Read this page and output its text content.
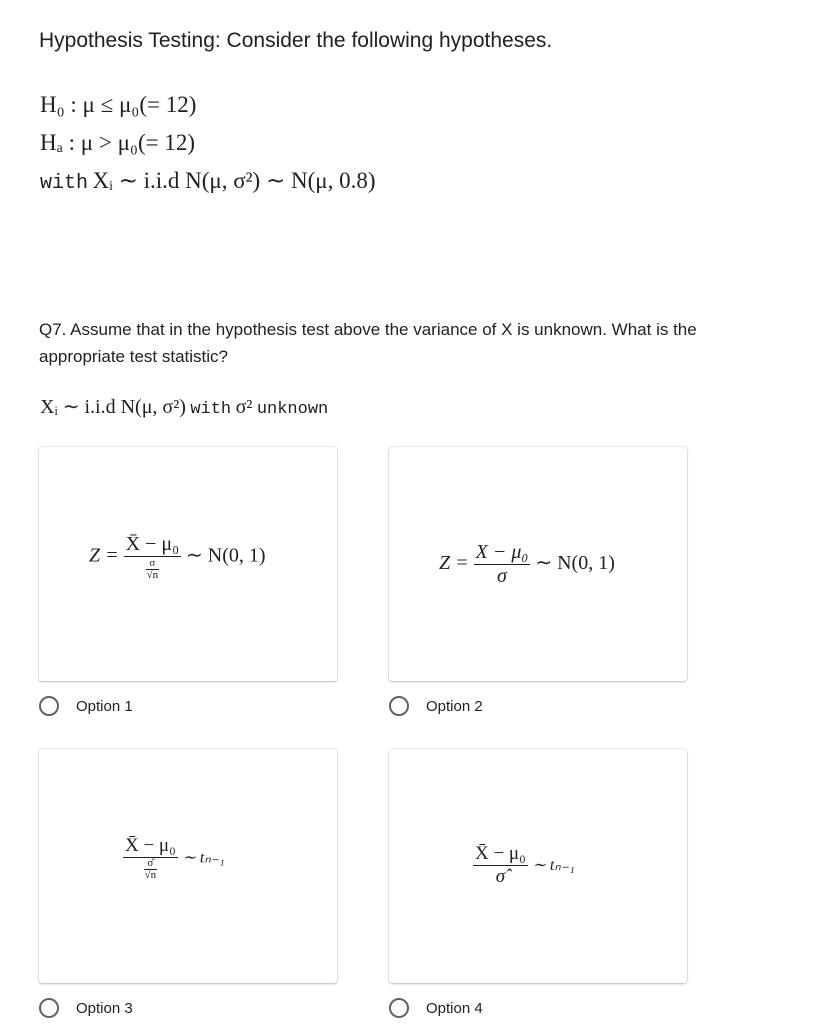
Hypothesis Testing: Consider the following hypotheses.
H₀ : μ ≤ μ₀(= 12)
Hₐ : μ > μ₀(= 12)
with Xᵢ ∼ i.i.d N(μ, σ²) ∼ N(μ, 0.8)
Q7. Assume that in the hypothesis test above the variance of X is unknown. What is the appropriate test statistic?
Xᵢ ∼ i.i.d N(μ, σ²) with σ² unknown
$Z = \frac{\text{X̄ − μ₀}}{\frac{\sigma}{√n}}$ ∼ N(0, 1)
Option 1
$Z = \frac{\text{X − μ₀}}{\sigma}$ ∼ N(0, 1)
Option 2
$\frac{\text{X̄ − μ₀}}{\frac{\sigmâ}{√n}}$ ∼ tₙ₋₁
Option 3
$\frac{\text{X̄ − μ₀}}{\sigmâ}$ ∼ tₙ₋₁
Option 4
